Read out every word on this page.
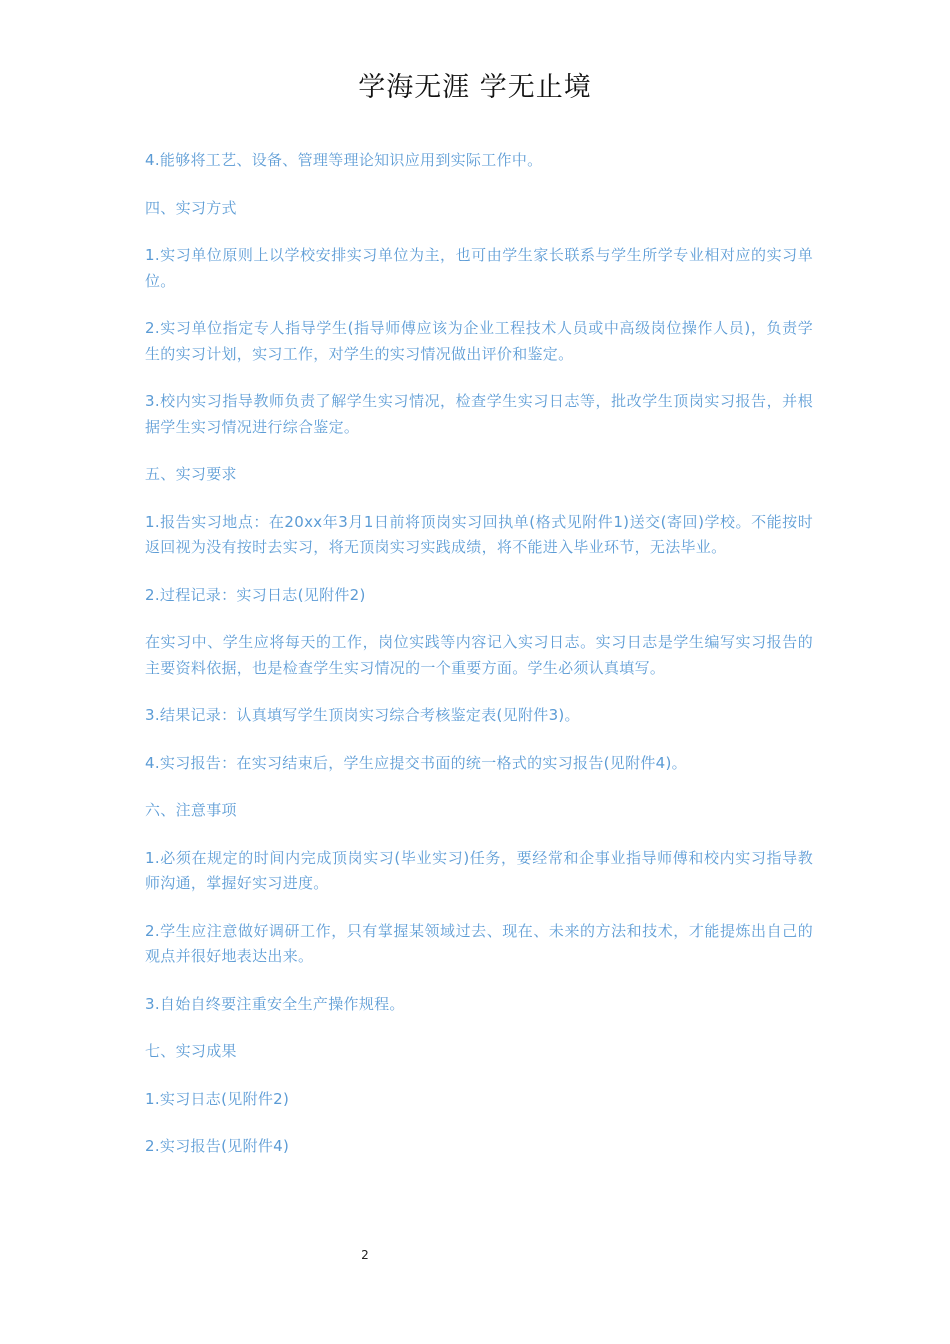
学海无涯 学无止境

4.能够将工艺、设备、管理等理论知识应用到实际工作中。

四、实习方式

1.实习单位原则上以学校安排实习单位为主，也可由学生家长联系与学生所学专业相对应的实习单位。

2.实习单位指定专人指导学生(指导师傅应该为企业工程技术人员或中高级岗位操作人员)，负责学生的实习计划，实习工作，对学生的实习情况做出评价和鉴定。

3.校内实习指导教师负责了解学生实习情况，检查学生实习日志等，批改学生顶岗实习报告，并根据学生实习情况进行综合鉴定。

五、实习要求

1.报告实习地点：在20xx年3月1日前将顶岗实习回执单(格式见附件1)送交(寄回)学校。不能按时返回视为没有按时去实习，将无顶岗实习实践成绩，将不能进入毕业环节，无法毕业。

2.过程记录：实习日志(见附件2)

在实习中、学生应将每天的工作，岗位实践等内容记入实习日志。实习日志是学生编写实习报告的主要资料依据，也是检查学生实习情况的一个重要方面。学生必须认真填写。

3.结果记录：认真填写学生顶岗实习综合考核鉴定表(见附件3)。

4.实习报告：在实习结束后，学生应提交书面的统一格式的实习报告(见附件4)。

六、注意事项

1.必须在规定的时间内完成顶岗实习(毕业实习)任务，要经常和企事业指导师傅和校内实习指导教师沟通，掌握好实习进度。

2.学生应注意做好调研工作，只有掌握某领域过去、现在、未来的方法和技术，才能提炼出自己的观点并很好地表达出来。

3.自始自终要注重安全生产操作规程。

七、实习成果

1.实习日志(见附件2)

2.实习报告(见附件4)

2
